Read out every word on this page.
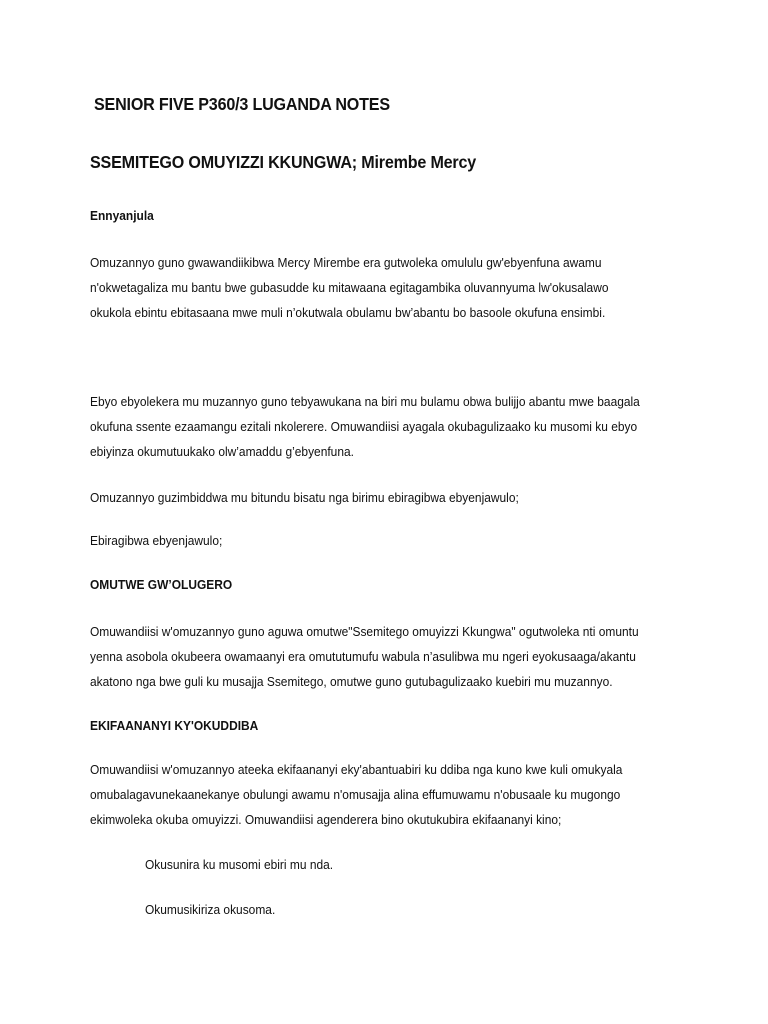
SENIOR FIVE P360/3 LUGANDA NOTES
SSEMITEGO OMUYIZZI KKUNGWA; Mirembe Mercy
Ennyanjula
Omuzannyo guno gwawandiikibwa Mercy Mirembe era gutwoleka omululu gw'ebyenfuna awamu
n'okwetagaliza mu bantu bwe gubasudde ku mitawaana egitagambika oluvannyuma lw'okusalawo
okukola ebintu ebitasaana mwe muli n’okutwala obulamu bw’abantu bo basoole okufuna ensimbi.
Ebyo ebyolekera mu muzannyo guno tebyawukana na biri mu bulamu obwa bulijjo abantu mwe baagala
okufuna ssente ezaamangu ezitali nkolerere. Omuwandiisi ayagala okubagulizaako ku musomi ku ebyo
ebiyinza okumutuukako olw’amaddu g’ebyenfuna.
Omuzannyo guzimbiddwa mu bitundu bisatu nga birimu ebiragibwa ebyenjawulo;
Ebiragibwa ebyenjawulo;
OMUTWE GW’OLUGERO
Omuwandiisi w'omuzannyo guno aguwa omutwe"Ssemitego omuyizzi Kkungwa" ogutwoleka nti omuntu
yenna asobola okubeera owamaanyi era omututumufu wabula n’asulibwa mu ngeri eyokusaaga/akantu
akatono nga bwe guli ku musajja Ssemitego, omutwe guno gutubagulizaako kuebiri mu muzannyo.
EKIFAANANYI KY'OKUDDIBA
Omuwandiisi w'omuzannyo ateeka ekifaananyi eky'abantuabiri ku ddiba nga kuno kwe kuli omukyala
omubalagavunekaanekanye obulungi awamu n'omusajja alina effumuwamu n'obusaale ku mugongo
ekimwoleka okuba omuyizzi. Omuwandiisi agenderera bino okutukubira ekifaananyi kino;
Okusunira ku musomi ebiri mu nda.
Okumusikiriza okusoma.
